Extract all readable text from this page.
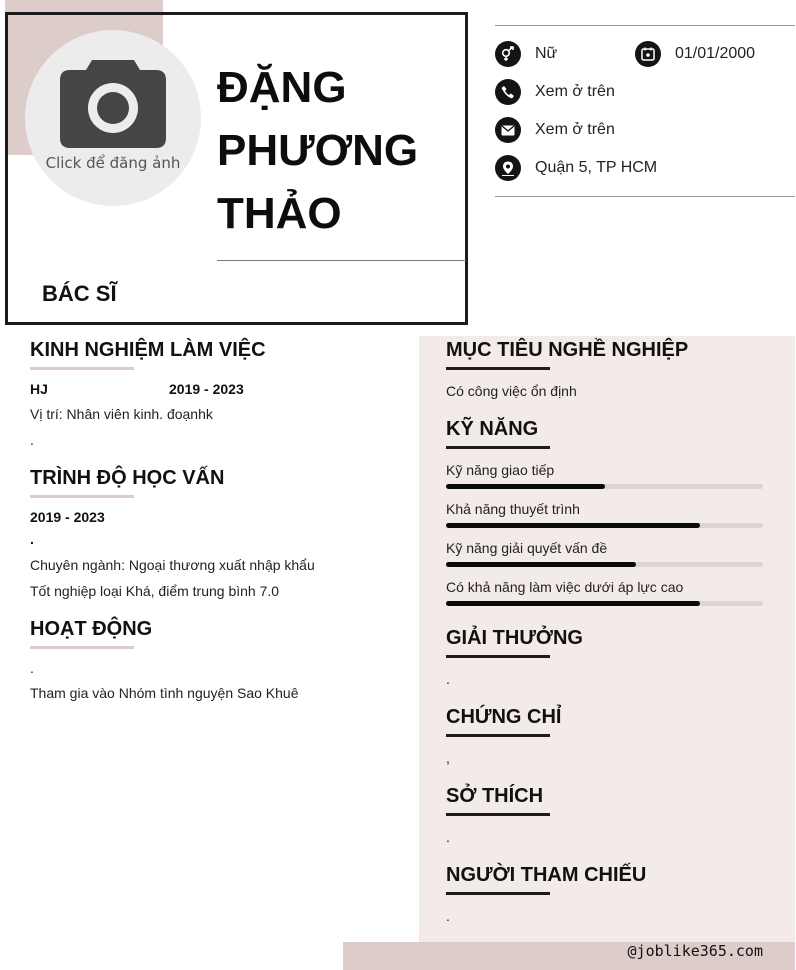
Click để đăng ảnh
ĐẶNG
PHƯƠNG
THẢO
BÁC SĨ
Nữ	01/01/2000
Xem ở trên
Xem ở trên
Quận 5, TP HCM
KINH NGHIỆM LÀM VIỆC
HJ	2019 - 2023
Vị trí: Nhân viên kinh. đoạnhk
.
TRÌNH ĐỘ HỌC VẤN
2019 - 2023
.
Chuyên ngành: Ngoại thương xuất nhập khẩu
Tốt nghiệp loại Khá, điểm trung bình 7.0
HOẠT ĐỘNG
.
Tham gia vào Nhóm tình nguyện Sao Khuê
MỤC TIÊU NGHỀ NGHIỆP
Có công việc ổn định
KỸ NĂNG
Kỹ năng giao tiếp
Khả năng thuyết trình
Kỹ năng giải quyết vấn đề
Có khả năng làm việc dưới áp lực cao
GIẢI THƯỞNG
.
CHỨNG CHỈ
,
SỞ THÍCH
.
NGƯỜI THAM CHIẾU
.
@joblike365.com
